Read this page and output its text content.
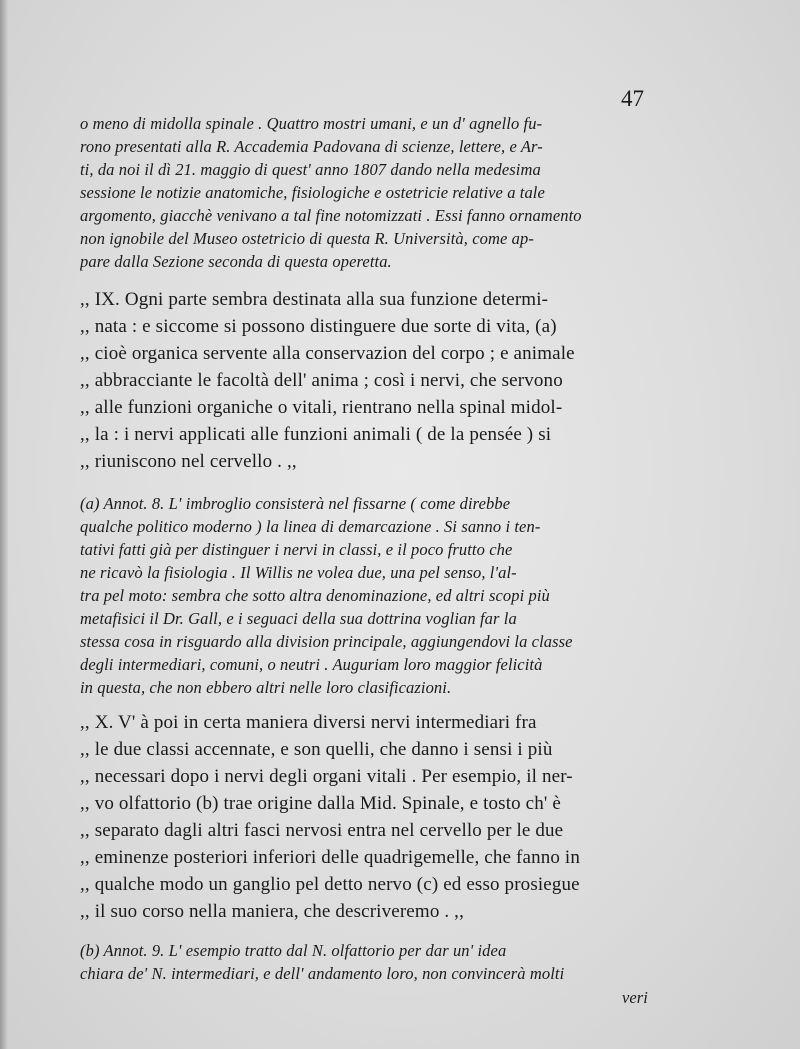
47
o meno di midolla spinale . Quattro mostri umani, e un d' agnello fu-
rono presentati alla R. Accademia Padovana di scienze, lettere, e Ar-
ti, da noi il dì 21. maggio di quest' anno 1807 dando nella medesima
sessione le notizie anatomiche, fisiologiche e ostetricie relative a tale
argomento, giacchè venivano a tal fine notomizzati . Essi fanno ornamento
non ignobile del Museo ostetricio di questa R. Università, come ap-
pare dalla Sezione seconda di questa operetta.
,, IX. Ogni parte sembra destinata alla sua funzione determi-
,, nata : e siccome si possono distinguere due sorte di vita, (a)
,, cioè organica servente alla conservazion del corpo ; e animale
,, abbracciante le facoltà dell' anima ; così i nervi, che servono
,, alle funzioni organiche o vitali, rientrano nella spinal midol-
,, la : i nervi applicati alle funzioni animali ( de la pensée ) si
,, riuniscono nel cervello . ,,
(a) Annot. 8. L' imbroglio consisterà nel fissarne ( come direbbe
qualche politico moderno ) la linea di demarcazione . Si sanno i ten-
tativi fatti già per distinguer i nervi in classi, e il poco frutto che
ne ricavò la fisiologia . Il Willis ne volea due, una pel senso, l'al-
tra pel moto: sembra che sotto altra denominazione, ed altri scopi più
metafisici il Dr. Gall, e i seguaci della sua dottrina voglian far la
stessa cosa in risguardo alla division principale, aggiungendovi la classe
degli intermediari, comuni, o neutri . Auguriam loro maggior felicità
in questa, che non ebbero altri nelle loro clasificazioni.
,, X. V' à poi in certa maniera diversi nervi intermediari fra
,, le due classi accennate, e son quelli, che danno i sensi i più
,, necessari dopo i nervi degli organi vitali . Per esempio, il ner-
,, vo olfattorio (b) trae origine dalla Mid. Spinale, e tosto ch' è
,, separato dagli altri fasci nervosi entra nel cervello per le due
,, eminenze posteriori inferiori delle quadrigemelle, che fanno in
,, qualche modo un ganglio pel detto nervo (c) ed esso prosiegue
,, il suo corso nella maniera, che descriveremo . ,,
(b) Annot. 9. L' esempio tratto dal N. olfattorio per dar un' idea
chiara de' N. intermediari, e dell' andamento loro, non convincerà molti
veri
